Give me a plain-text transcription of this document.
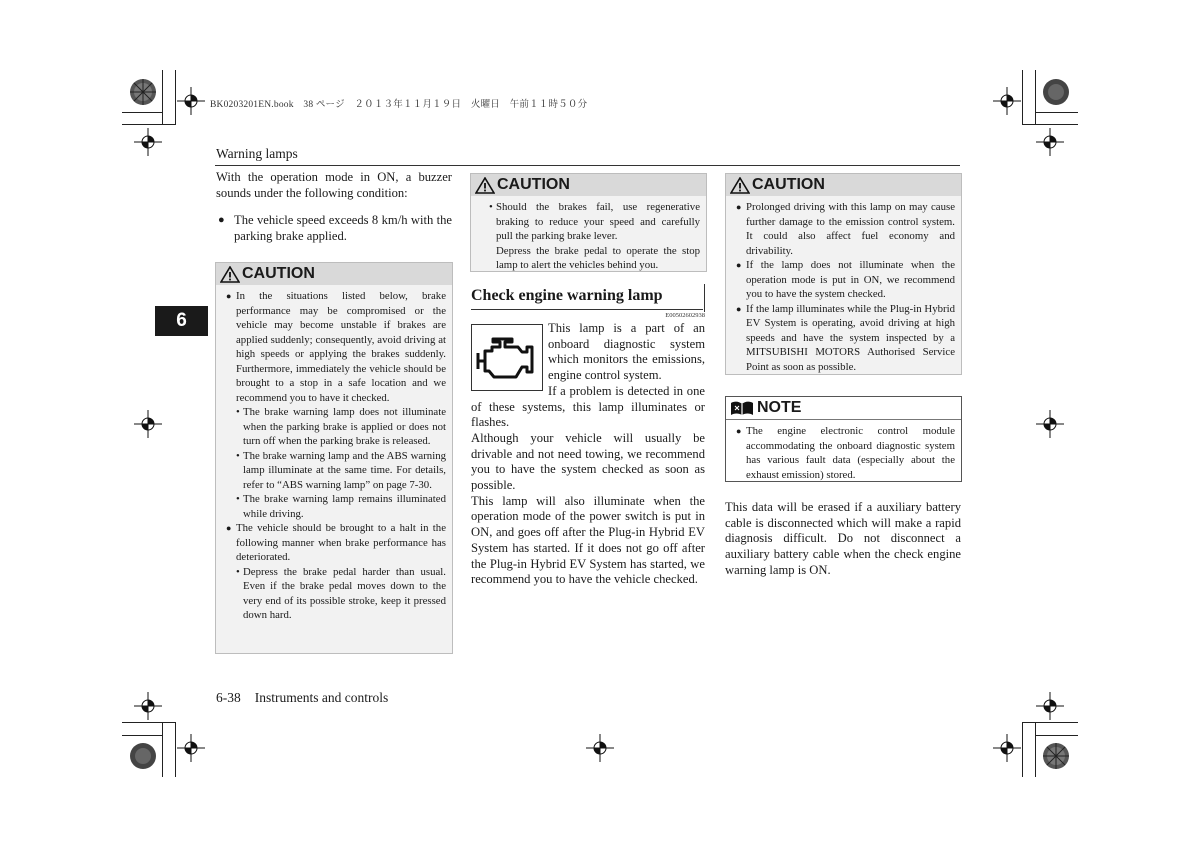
BK0203201EN.book　38 ページ　２０１３年１１月１９日　火曜日　午前１１時５０分
Warning lamps
6

With the operation mode in ON, a buzzer sounds under the following condition:

● The vehicle speed exceeds 8 km/h with the parking brake applied.
CAUTION
● In the situations listed below, brake performance may be compromised or the vehicle may become unstable if brakes are applied suddenly; consequently, avoid driving at high speeds or applying the brakes suddenly. Furthermore, immediately the vehicle should be brought to a stop in a safe location and we recommend you to have it checked.
• The brake warning lamp does not illuminate when the parking brake is applied or does not turn off when the parking brake is released.
• The brake warning lamp and the ABS warning lamp illuminate at the same time. For details, refer to “ABS warning lamp” on page 7-30.
• The brake warning lamp remains illuminated while driving.
● The vehicle should be brought to a halt in the following manner when brake performance has deteriorated.
• Depress the brake pedal harder than usual. Even if the brake pedal moves down to the very end of its possible stroke, keep it pressed down hard.
CAUTION
• Should the brakes fail, use regenerative braking to reduce your speed and carefully pull the parking brake lever.
Depress the brake pedal to operate the stop lamp to alert the vehicles behind you.
Check engine warning lamp
E00502602938

This lamp is a part of an onboard diagnostic system which monitors the emissions, engine control system.

If a problem is detected in one of these systems, this lamp illuminates or flashes.

Although your vehicle will usually be drivable and not need towing, we recommend you to have the system checked as soon as possible.

This lamp will also illuminate when the operation mode of the power switch is put in ON, and goes off after the Plug-in Hybrid EV System has started. If it does not go off after the Plug-in Hybrid EV System has started, we recommend you to have the vehicle checked.

CAUTION
● Prolonged driving with this lamp on may cause further damage to the emission control system. It could also affect fuel economy and drivability.
● If the lamp does not illuminate when the operation mode is put in ON, we recommend you to have the system checked.
● If the lamp illuminates while the Plug-in Hybrid EV System is operating, avoid driving at high speeds and have the system inspected by a MITSUBISHI MOTORS Authorised Service Point as soon as possible.
NOTE
● The engine electronic control module accommodating the onboard diagnostic system has various fault data (especially about the exhaust emission) stored.

This data will be erased if a auxiliary battery cable is disconnected which will make a rapid diagnosis difficult. Do not disconnect a auxiliary battery cable when the check engine warning lamp is ON.

6-38 Instruments and controls
